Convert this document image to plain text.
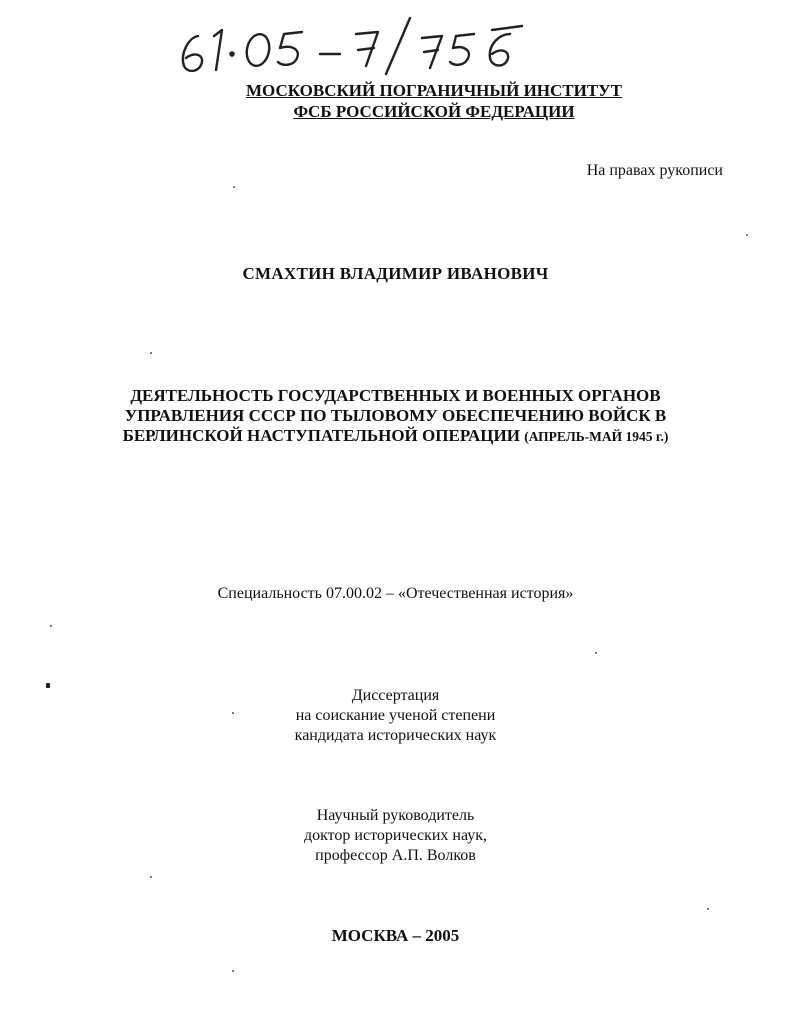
МОСКОВСКИЙ ПОГРАНИЧНЫЙ ИНСТИТУТ
ФСБ РОССИЙСКОЙ ФЕДЕРАЦИИ
На правах рукописи
СМАХТИН ВЛАДИМИР ИВАНОВИЧ
ДЕЯТЕЛЬНОСТЬ ГОСУДАРСТВЕННЫХ И ВОЕННЫХ ОРГАНОВ
УПРАВЛЕНИЯ СССР ПО ТЫЛОВОМУ ОБЕСПЕЧЕНИЮ ВОЙСК В
БЕРЛИНСКОЙ НАСТУПАТЕЛЬНОЙ ОПЕРАЦИИ (АПРЕЛЬ-МАЙ 1945 г.)
Специальность 07.00.02 – «Отечественная история»
Диссертация
на соискание ученой степени
кандидата исторических наук
Научный руководитель
доктор исторических наук,
профессор А.П. Волков
МОСКВА – 2005
